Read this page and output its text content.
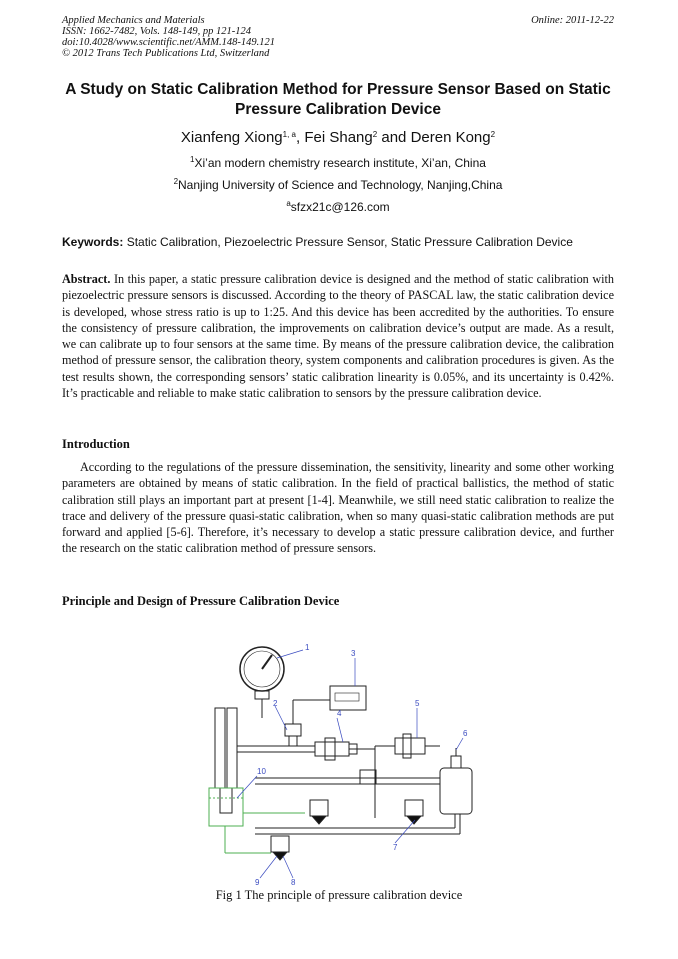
Applied Mechanics and Materials
ISSN: 1662-7482, Vols. 148-149, pp 121-124
doi:10.4028/www.scientific.net/AMM.148-149.121
© 2012 Trans Tech Publications Ltd, Switzerland
Online: 2011-12-22
A Study on Static Calibration Method for Pressure Sensor Based on Static Pressure Calibration Device
Xianfeng Xiong$^{1, a}$, Fei Shang$^2$ and Deren Kong$^2$
$^1$Xi’an modern chemistry research institute, Xi’an, China
$^2$Nanjing University of Science and Technology, Nanjing,China
$^a$sfzx21c@126.com
Keywords: Static Calibration, Piezoelectric Pressure Sensor, Static Pressure Calibration Device
Abstract. In this paper, a static pressure calibration device is designed and the method of static calibration with piezoelectric pressure sensors is discussed. According to the theory of PASCAL law, the static calibration device is developed, whose stress ratio is up to 1:25. And this device has been accredited by the authorities. To ensure the consistency of pressure calibration, the improvements on calibration device’s output are made. As a result, we can calibrate up to four sensors at the same time. By means of the pressure calibration device, the calibration method of pressure sensor, the calibration theory, system components and calibration procedures is given. As the test results shown, the corresponding sensors’ static calibration linearity is 0.05%, and its uncertainty is 0.42%. It’s practicable and reliable to make static calibration to sensors by the pressure calibration device.
Introduction
According to the regulations of the pressure dissemination, the sensitivity, linearity and some other working parameters are obtained by means of static calibration. In the field of practical ballistics, the method of static calibration still plays an important part at present [1-4]. Meanwhile, we still need static calibration to realize the trace and delivery of the pressure quasi-static calibration, when so many quasi-static calibration methods are put forward and applied [5-6]. Therefore, it’s necessary to develop a static pressure calibration device, and further the research on the static calibration method of pressure sensors.
Principle and Design of Pressure Calibration Device
1
2
3
4
5
6
7
8
9
10
Fig 1 The principle of pressure calibration device
